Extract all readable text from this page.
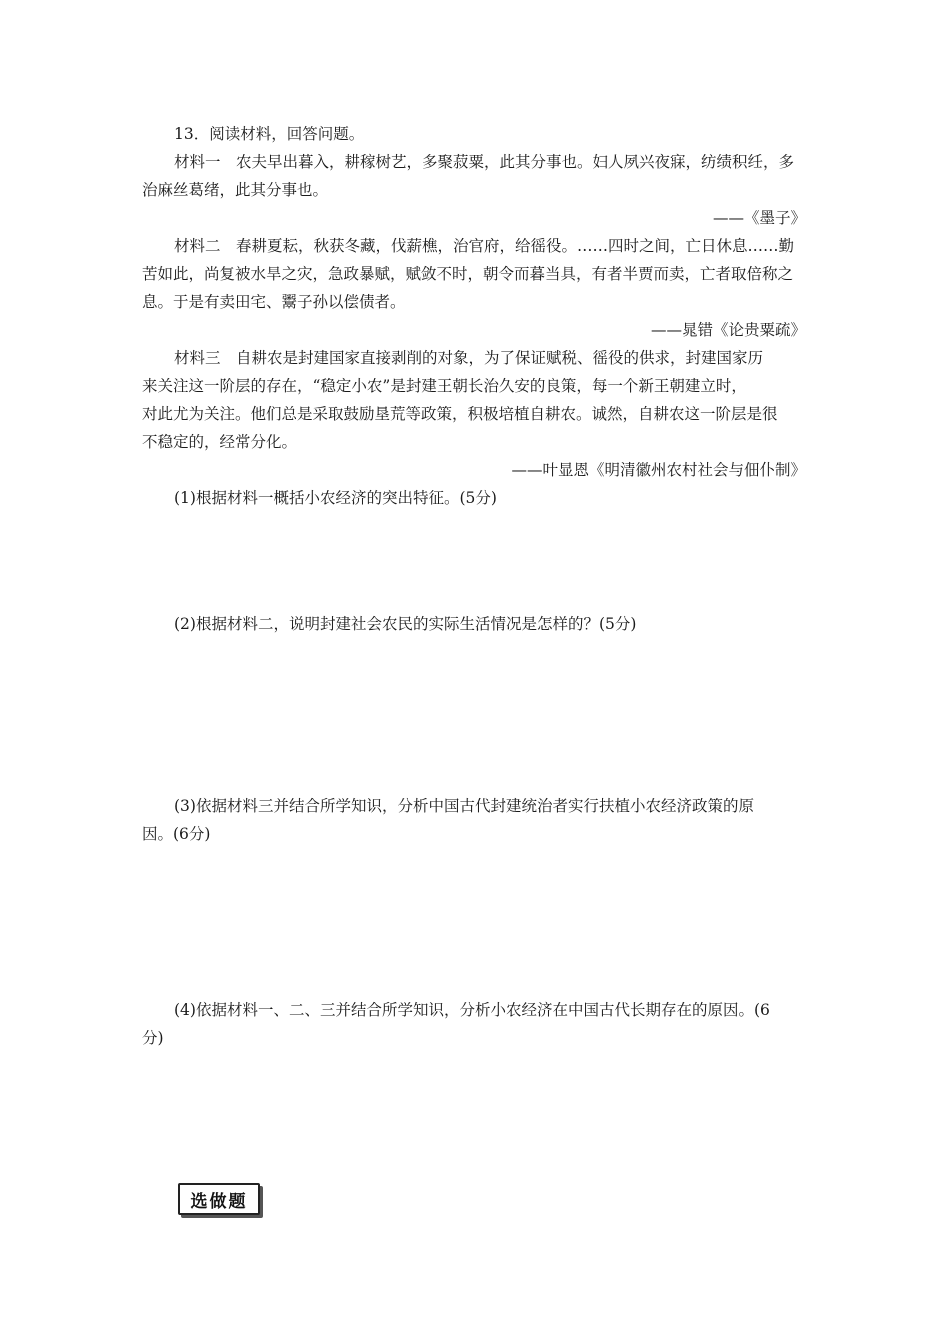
13．阅读材料，回答问题。
材料一　农夫早出暮入，耕稼树艺，多聚菽粟，此其分事也。妇人夙兴夜寐，纺绩积纴，多
治麻丝葛绪，此其分事也。
——《墨子》
材料二　春耕夏耘，秋获冬藏，伐薪樵，治官府，给徭役。……四时之间，亡日休息……勤
苦如此，尚复被水旱之灾，急政暴赋，赋敛不时，朝令而暮当具，有者半贾而卖，亡者取倍称之
息。于是有卖田宅、鬻子孙以偿债者。
——晁错《论贵粟疏》
材料三　自耕农是封建国家直接剥削的对象，为了保证赋税、徭役的供求，封建国家历
来关注这一阶层的存在，“稳定小农”是封建王朝长治久安的良策，每一个新王朝建立时，
对此尤为关注。他们总是采取鼓励垦荒等政策，积极培植自耕农。诚然，自耕农这一阶层是很
不稳定的，经常分化。
——叶显恩《明清徽州农村社会与佃仆制》
(1)根据材料一概括小农经济的突出特征。(5分)
(2)根据材料二，说明封建社会农民的实际生活情况是怎样的？(5分)
(3)依据材料三并结合所学知识，分析中国古代封建统治者实行扶植小农经济政策的原
因。(6分)
(4)依据材料一、二、三并结合所学知识，分析小农经济在中国古代长期存在的原因。(6
分)
选做题
